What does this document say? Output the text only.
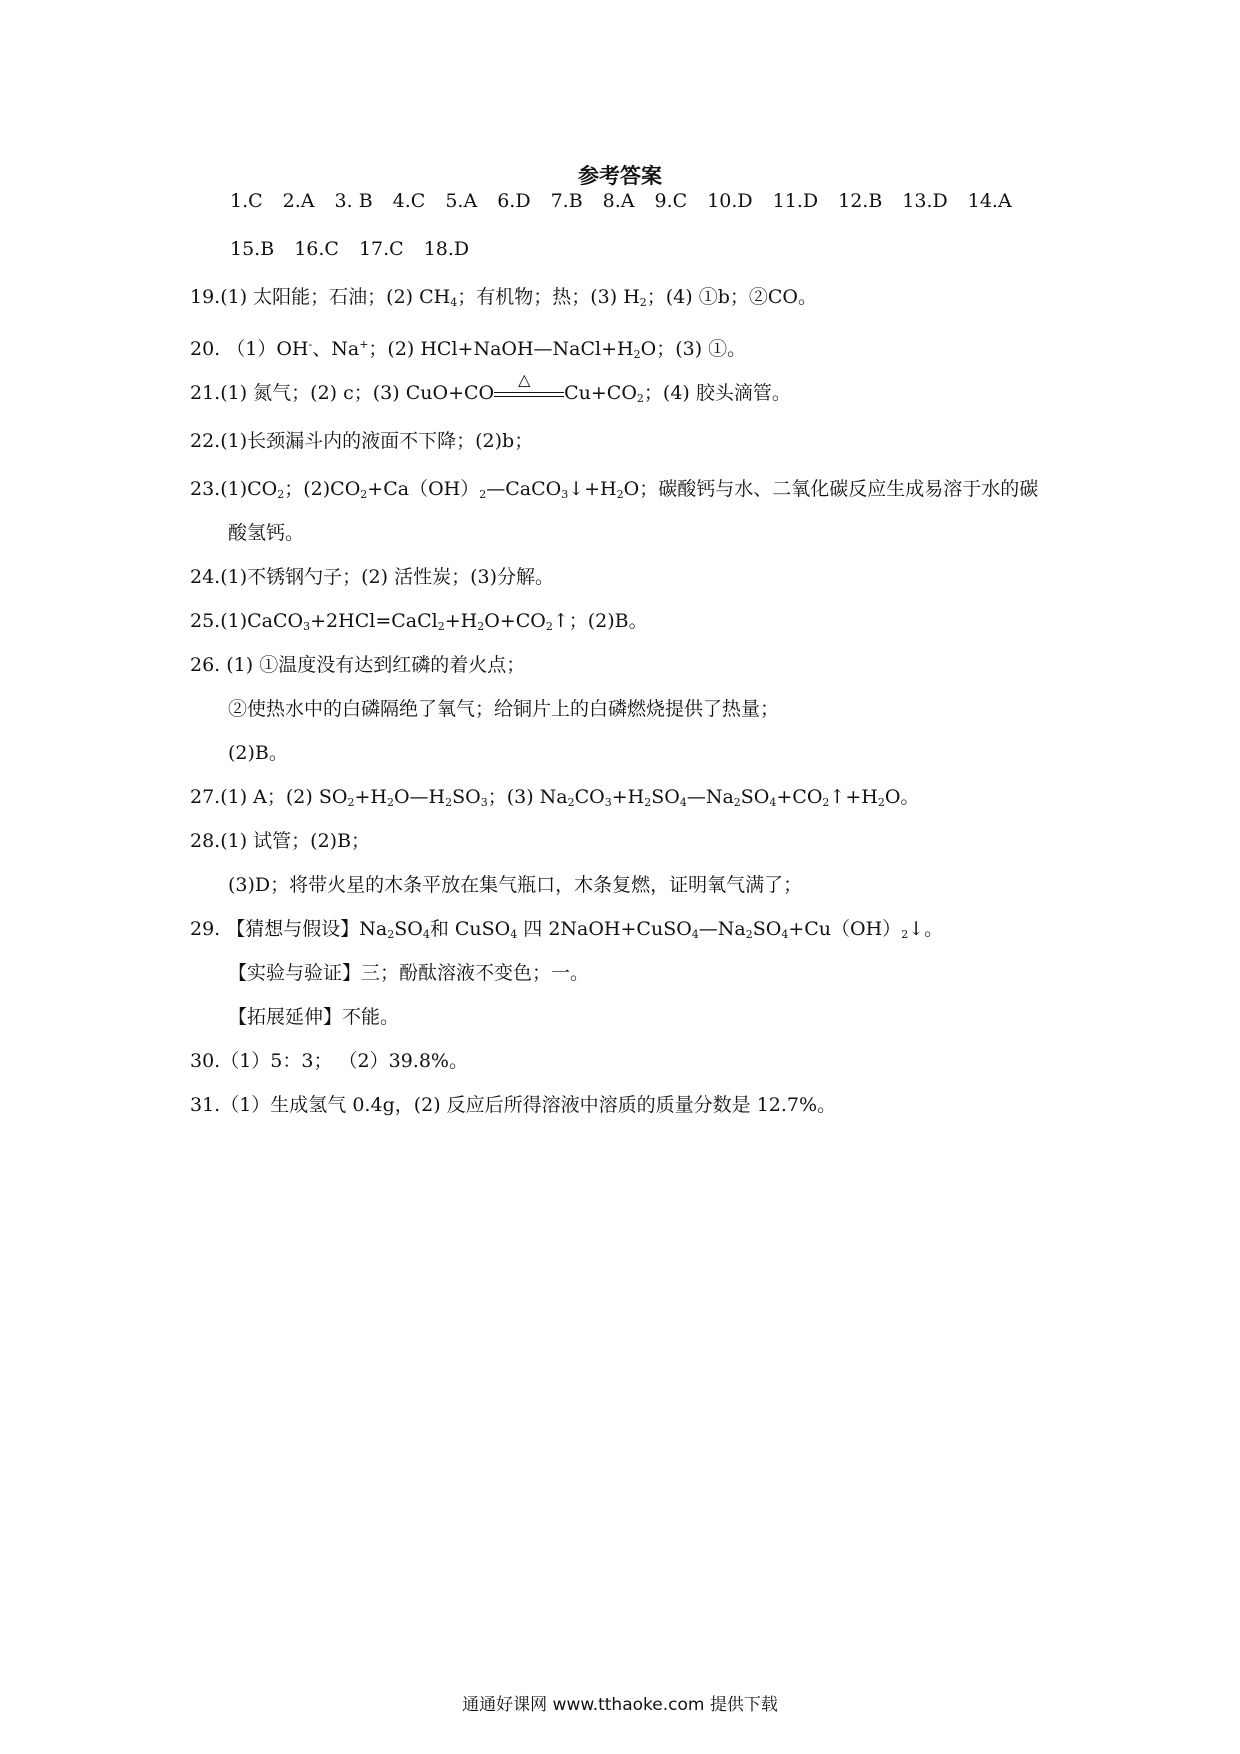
参考答案
1.C 2.A 3. B 4.C 5.A 6.D 7.B 8.A 9.C 10.D 11.D 12.B 13.D 14.A
15.B 16.C 17.C 18.D
19.(1) 太阳能；石油；(2) $CH_4$；有机物；热；(3) $H_2$；(4) ①b；②CO。
20. （1）OH-、Na+；(2) $HCl+NaOH—NaCl+H_2O$；(3) ①。
21.(1) 氮气；(2) c；(3) CuO+CO
△
$Cu+CO_2$；(4) 胶头滴管。
22.(1)长颈漏斗内的液面不下降；(2)b；
$23.(1)CO_2$；$(2)CO_2+Ca(OH)_2—CaCO_3↓+H_2O$；碳酸钙与水、二氧化碳反应生成易溶于水的碳
酸氢钙。
24.(1)不锈钢勺子；(2) 活性炭；(3)分解。
$25.(1)CaCO_3+2HCl=CaCl_2+H_2O+CO_2↑$；(2)B。
26. (1) ①温度没有达到红磷的着火点；
②使热水中的白磷隔绝了氧气；给铜片上的白磷燃烧提供了热量；
(2)B。
27.(1) A；(2) $SO_2+H_2O—H_2SO_3$；(3) $Na_2CO_3+H_2SO_4—Na_2SO_4+CO_2↑+H_2O$。
28.(1) 试管；(2)B；
(3)D；将带火星的木条平放在集气瓶口，木条复燃，证明氧气满了；
29. 【猜想与假设】$Na_2SO_4$和 CuSO$_4$ 四 $2NaOH+CuSO_4—Na_2SO_4+Cu(OH)_2↓$。
【实验与验证】三；酚酞溶液不变色；一。
【拓展延伸】不能。
30.（1）5：3； （2）39.8%。
31.（1）生成氢气 0.4g，(2) 反应后所得溶液中溶质的质量分数是 12.7%。
通通好课网 www.tthaoke.com 提供下载
